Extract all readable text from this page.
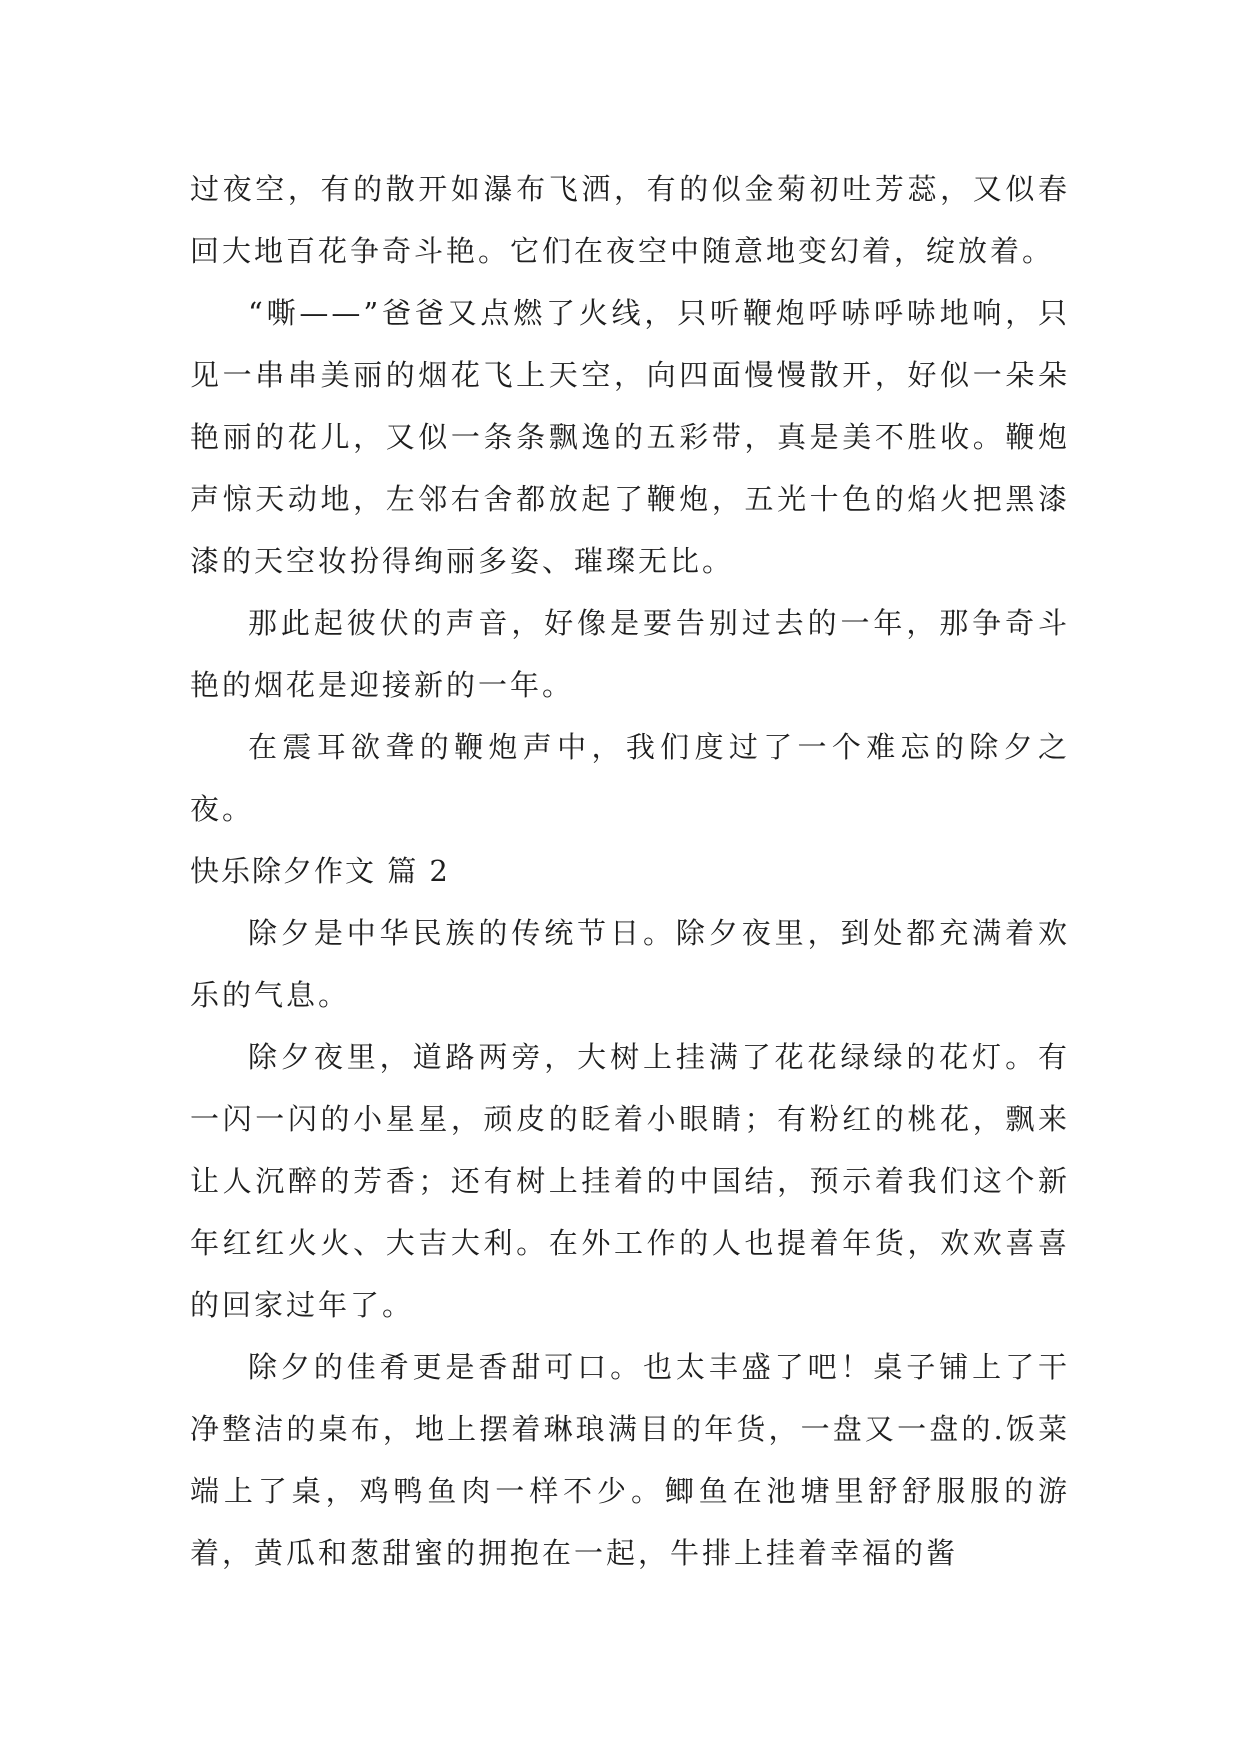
过夜空，有的散开如瀑布飞洒，有的似金菊初吐芳蕊，又似春回大地百花争奇斗艳。它们在夜空中随意地变幻着，绽放着。

“嘶——”爸爸又点燃了火线，只听鞭炮呼哧呼哧地响，只见一串串美丽的烟花飞上天空，向四面慢慢散开，好似一朵朵艳丽的花儿，又似一条条飘逸的五彩带，真是美不胜收。鞭炮声惊天动地，左邻右舍都放起了鞭炮，五光十色的焰火把黑漆漆的天空妆扮得绚丽多姿、璀璨无比。

那此起彼伏的声音，好像是要告别过去的一年，那争奇斗艳的烟花是迎接新的一年。

在震耳欲聋的鞭炮声中，我们度过了一个难忘的除夕之夜。

快乐除夕作文 篇 2

除夕是中华民族的传统节日。除夕夜里，到处都充满着欢乐的气息。

除夕夜里，道路两旁，大树上挂满了花花绿绿的花灯。有一闪一闪的小星星，顽皮的眨着小眼睛；有粉红的桃花，飘来让人沉醉的芳香；还有树上挂着的中国结，预示着我们这个新年红红火火、大吉大利。在外工作的人也提着年货，欢欢喜喜的回家过年了。

除夕的佳肴更是香甜可口。也太丰盛了吧！桌子铺上了干净整洁的桌布，地上摆着琳琅满目的年货，一盘又一盘的.饭菜端上了桌，鸡鸭鱼肉一样不少。鲫鱼在池塘里舒舒服服的游着，黄瓜和葱甜蜜的拥抱在一起，牛排上挂着幸福的酱
